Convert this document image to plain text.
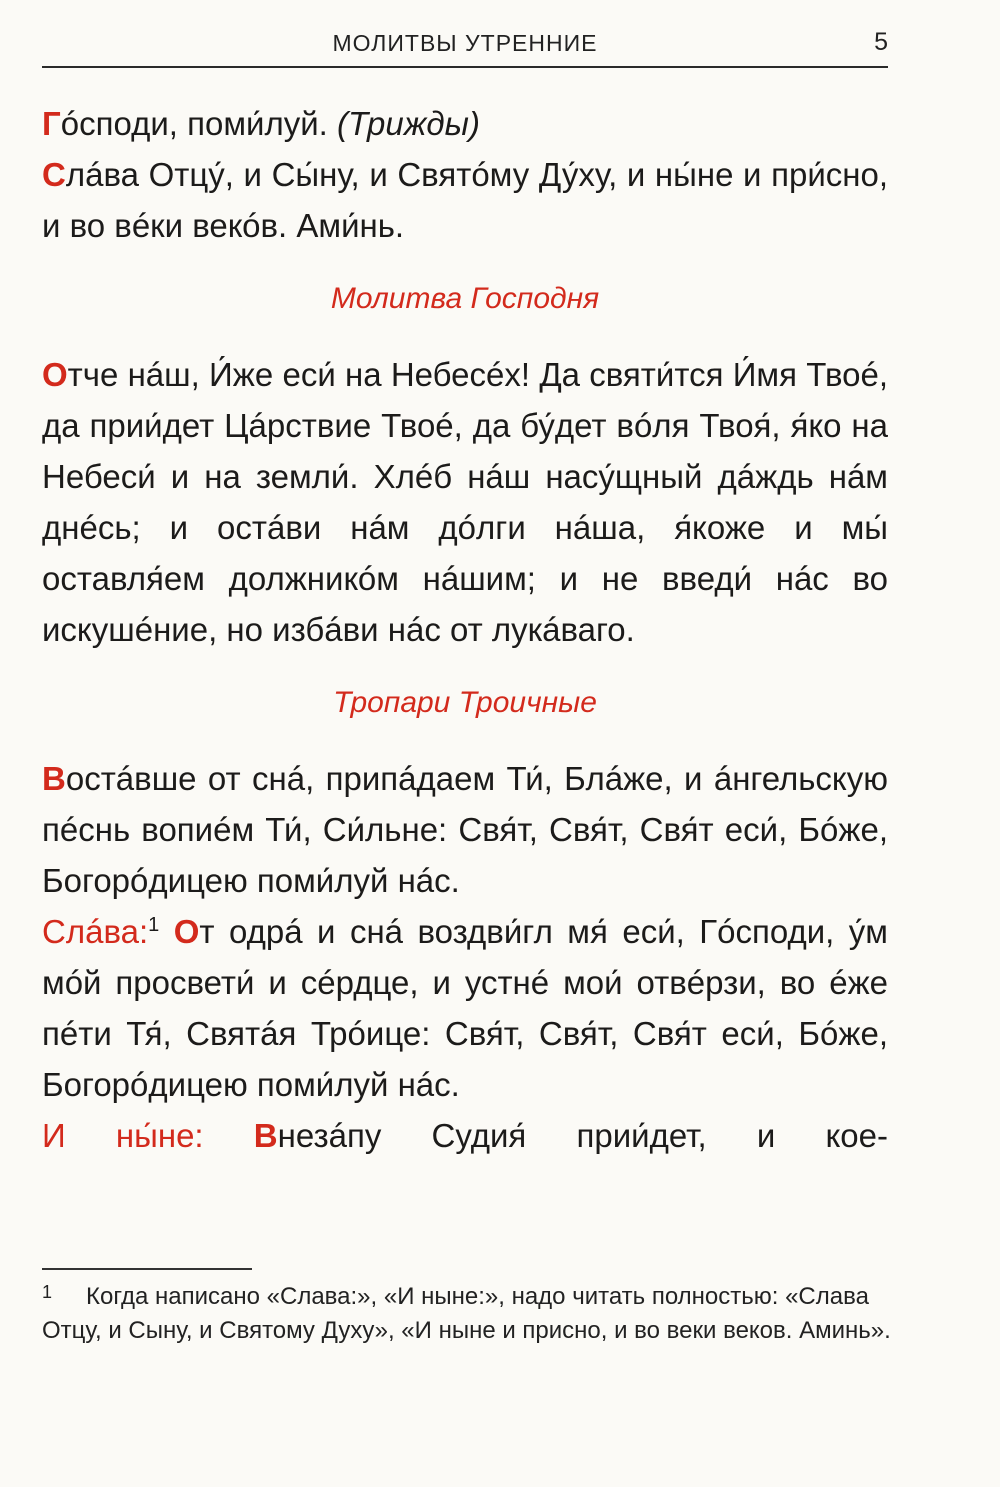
МОЛИТВЫ УТРЕННИЕ	5

Гóсподи, поми́луй. (Трижды)

Слáва Отцу́, и Сы́ну, и Святóму Ду́ху, и ны́не и при́сно, и во вéки векóв. Ами́нь.

Молитва Господня

Отче нáш, И́же еси́ на Небесéх! Да святи́тся И́мя Твоé, да прии́дет Цáрствие Твоé, да бу́дет вóля Твоя́, я́ко на Небеси́ и на земли́. Хлéб нáш насу́щный дáждь нáм днéсь; и остáви нáм дóлги нáша, я́коже и мы́ оставля́ем должникóм нáшим; и не введи́ нáс во искушéние, но избáви нáс от лукáваго.

Тропари Троичные

Востáвше от снá, припáдаем Ти́, Блáже, и áнгельскую пéснь вопиéм Ти́, Си́льне: Свя́т, Свя́т, Свя́т еси́, Бóже, Богорóдицею поми́луй нáс.

Слáва:$^1$ От одрá и снá воздви́гл мя́ еси́, Гóсподи, у́м мóй просвети́ и сéрдце, и устнé мои́ отвéрзи, во éже пéти Тя́, Святáя Трóице: Свя́т, Свя́т, Свя́т еси́, Бóже, Богорóдицею поми́луй нáс.

И ны́не: Внезáпу Судия́ прии́дет, и кое-

1 Когда написано «Слава:», «И ныне:», надо читать полностью: «Слава Отцу, и Сыну, и Святому Духу», «И ныне и присно, и во веки веков. Аминь».
